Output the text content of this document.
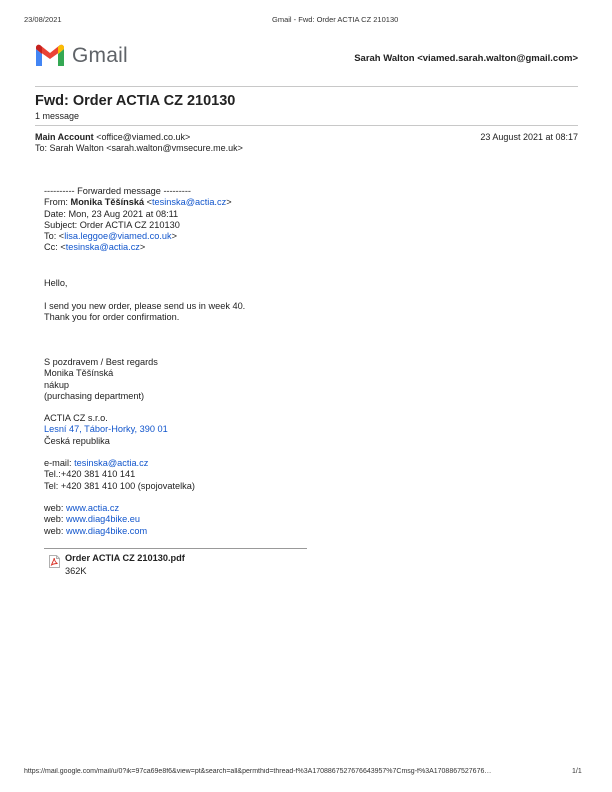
23/08/2021	Gmail - Fwd: Order ACTIA CZ 210130
Gmail	Sarah Walton <viamed.sarah.walton@gmail.com>
Fwd: Order ACTIA CZ 210130
1 message
Main Account <office@viamed.co.uk>	23 August 2021 at 08:17
To: Sarah Walton <sarah.walton@vmsecure.me.uk>
---------- Forwarded message ---------
From: Monika Těšínská <tesinska@actia.cz>
Date: Mon, 23 Aug 2021 at 08:11
Subject: Order ACTIA CZ 210130
To: <lisa.leggoe@viamed.co.uk>
Cc: <tesinska@actia.cz>
Hello,
I send you new order, please send us in week 40.
Thank you for order confirmation.
S pozdravem / Best regards
Monika Těšínská
nákup
(purchasing department)
ACTIA CZ s.r.o.
Lesní 47, Tábor-Horky, 390 01
Česká republika
e-mail: tesinska@actia.cz
Tel.:+420 381 410 141
Tel: +420 381 410 100 (spojovatelka)
web: www.actia.cz
web: www.diag4bike.eu
web: www.diag4bike.com
Order ACTIA CZ 210130.pdf
362K
https://mail.google.com/mail/u/0?ik=97ca69e8f6&view=pt&search=all&permthid=thread-f%3A1708867527676643957%7Cmsg-f%3A1708867527676…	1/1
